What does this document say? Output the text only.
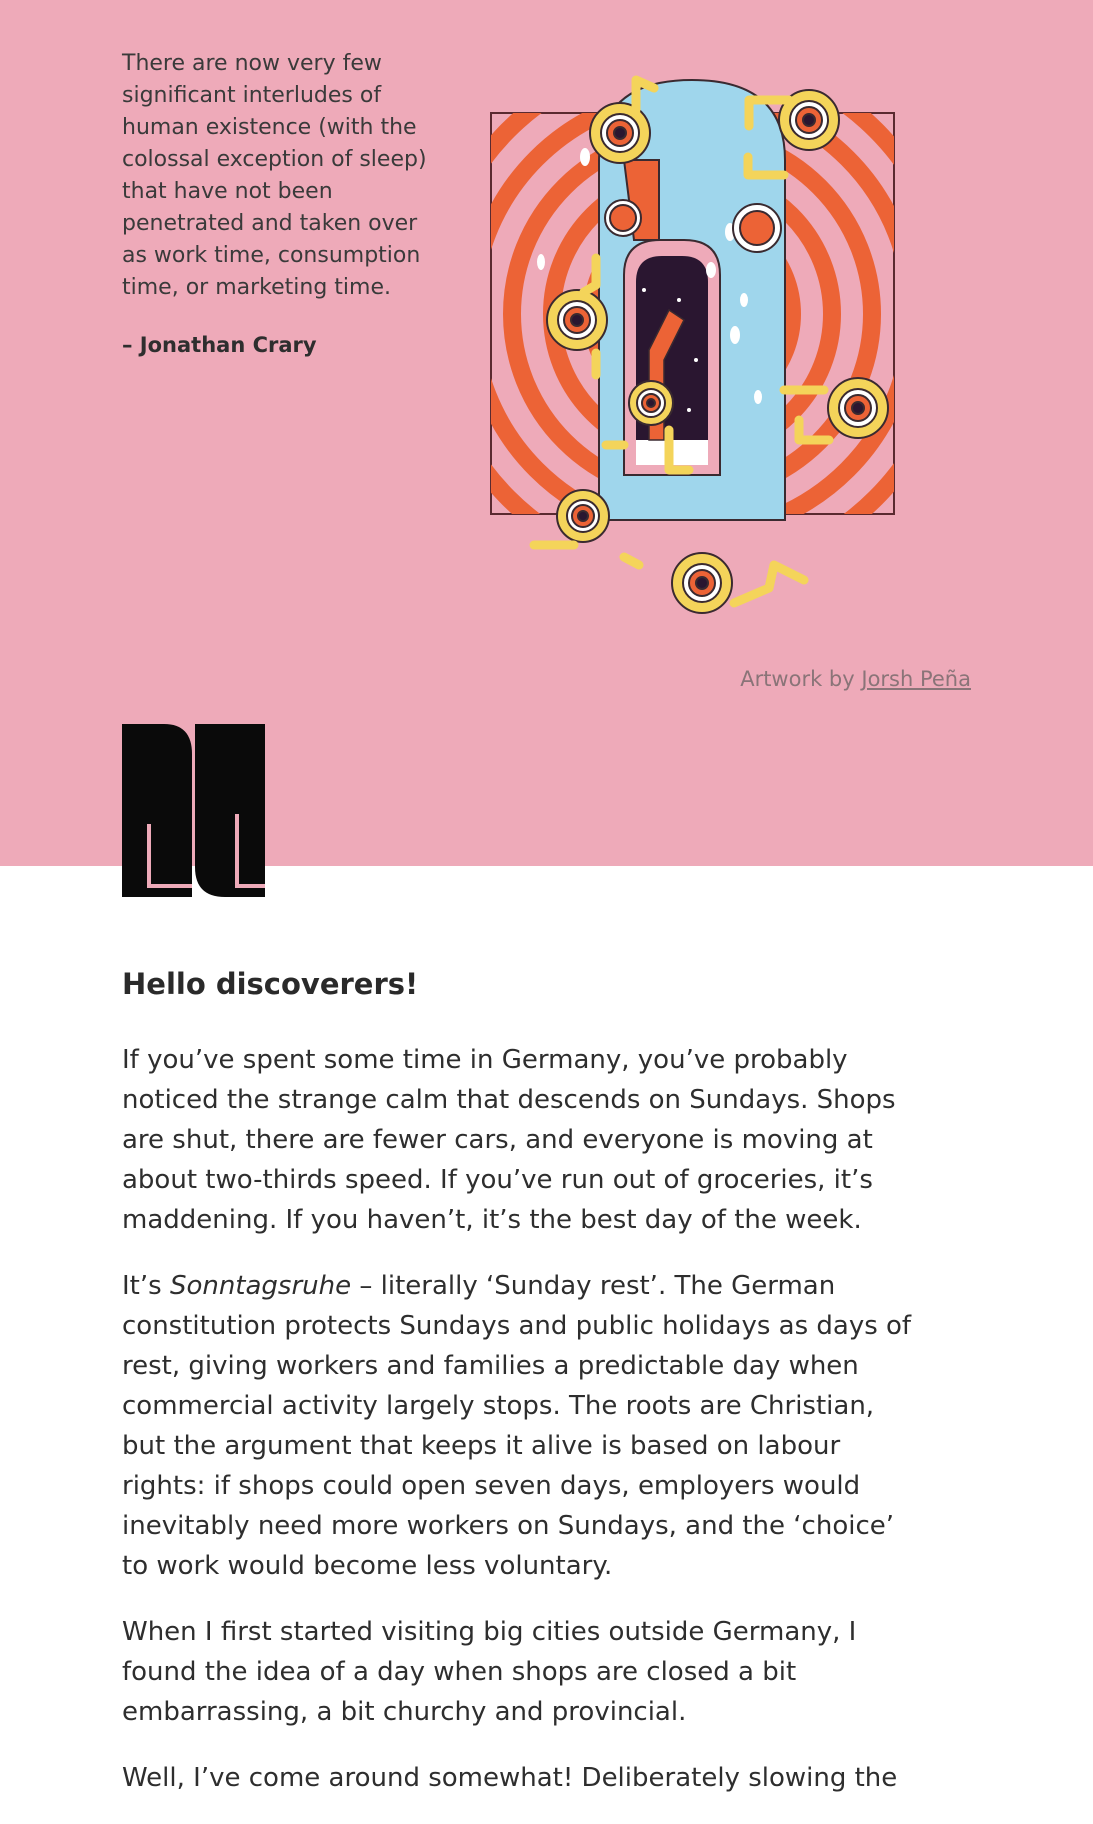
There are now very few significant interludes of human existence (with the colossal exception of sleep) that have not been penetrated and taken over as work time, consumption time, or marketing time.
– Jonathan Crary
Artwork by Jorsh Peña
Hello discoverers!

If you’ve spent some time in Germany, you’ve probably noticed the strange calm that descends on Sundays. Shops are shut, there are fewer cars, and everyone is moving at about two-thirds speed. If you’ve run out of groceries, it’s maddening. If you haven’t, it’s the best day of the week.

It’s Sonntagsruhe – literally ‘Sunday rest’. The German constitution protects Sundays and public holidays as days of rest, giving workers and families a predictable day when commercial activity largely stops. The roots are Christian, but the argument that keeps it alive is based on labour rights: if shops could open seven days, employers would inevitably need more workers on Sundays, and the ‘choice’ to work would become less voluntary.

When I first started visiting big cities outside Germany, I found the idea of a day when shops are closed a bit embarrassing, a bit churchy and provincial.

Well, I’ve come around somewhat! Deliberately slowing the
